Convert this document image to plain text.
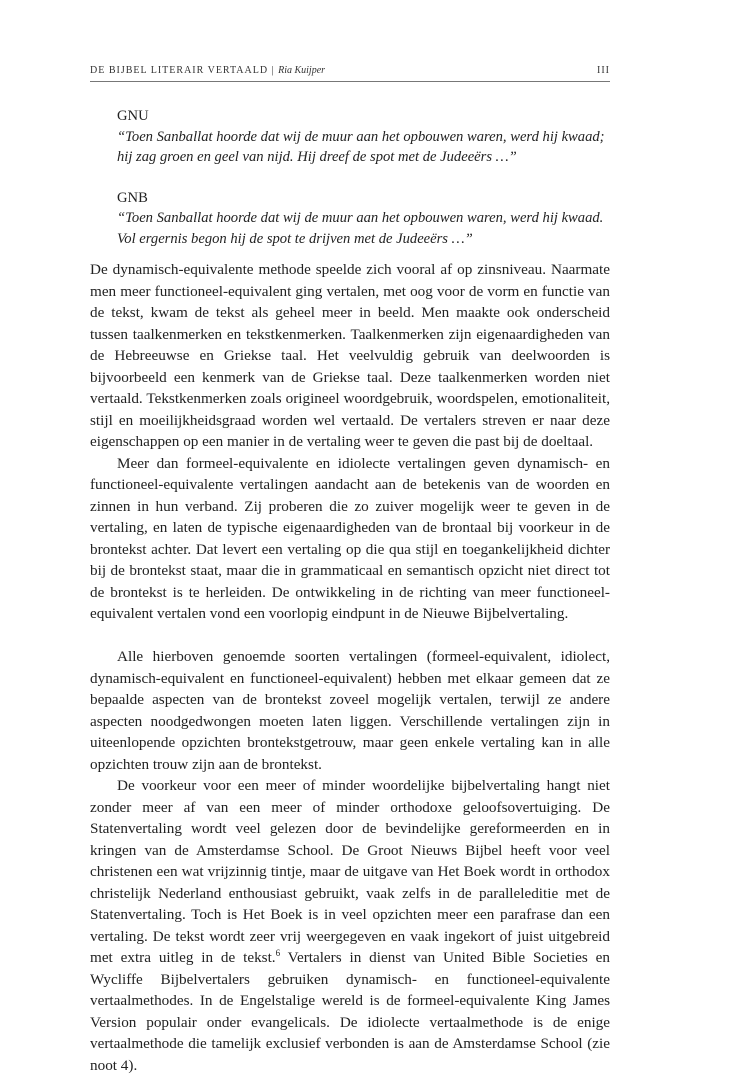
DE BIJBEL LITERAIR VERTAALD | Ria Kuijper	III
GNU
“Toen Sanballat hoorde dat wij de muur aan het opbouwen waren, werd hij kwaad;
hij zag groen en geel van nijd. Hij dreef de spot met de Judeeërs …”
GNB
“Toen Sanballat hoorde dat wij de muur aan het opbouwen waren, werd hij kwaad.
Vol ergernis begon hij de spot te drijven met de Judeeërs …”

De dynamisch-equivalente methode speelde zich vooral af op zinsniveau. Naarmate men meer functioneel-equivalent ging vertalen, met oog voor de vorm en functie van de tekst, kwam de tekst als geheel meer in beeld. Men maakte ook onderscheid tussen taalkenmerken en tekstkenmerken. Taalkenmerken zijn eigenaardigheden van de Hebreeuwse en Griekse taal. Het veelvuldig gebruik van deelwoorden is bijvoorbeeld een kenmerk van de Griekse taal. Deze taalkenmerken worden niet vertaald. Tekstkenmerken zoals origineel woordgebruik, woordspelen, emotionaliteit, stijl en moeilijkheidsgraad worden wel vertaald. De vertalers streven er naar deze eigenschappen op een manier in de vertaling weer te geven die past bij de doeltaal.

Meer dan formeel-equivalente en idiolecte vertalingen geven dynamisch- en functioneel-equivalente vertalingen aandacht aan de betekenis van de woorden en zinnen in hun verband. Zij proberen die zo zuiver mogelijk weer te geven in de vertaling, en laten de typische eigenaardigheden van de brontaal bij voorkeur in de brontekst achter. Dat levert een vertaling op die qua stijl en toegankelijkheid dichter bij de brontekst staat, maar die in grammaticaal en semantisch opzicht niet direct tot de brontekst is te herleiden. De ontwikkeling in de richting van meer functioneel-equivalent vertalen vond een voorlopig eindpunt in de Nieuwe Bijbelvertaling.

Alle hierboven genoemde soorten vertalingen (formeel-equivalent, idiolect, dynamisch-equivalent en functioneel-equivalent) hebben met elkaar gemeen dat ze bepaalde aspecten van de brontekst zoveel mogelijk vertalen, terwijl ze andere aspecten noodgedwongen moeten laten liggen. Verschillende vertalingen zijn in uiteenlopende opzichten brontekstgetrouw, maar geen enkele vertaling kan in alle opzichten trouw zijn aan de brontekst.

De voorkeur voor een meer of minder woordelijke bijbelvertaling hangt niet zonder meer af van een meer of minder orthodoxe geloofsovertuiging. De Statenvertaling wordt veel gelezen door de bevindelijke gereformeerden en in kringen van de Amsterdamse School. De Groot Nieuws Bijbel heeft voor veel christenen een wat vrijzinnig tintje, maar de uitgave van Het Boek wordt in orthodox christelijk Nederland enthousiast gebruikt, vaak zelfs in de paralleleditie met de Statenvertaling. Toch is Het Boek is in veel opzichten meer een parafrase dan een vertaling. De tekst wordt zeer vrij weergegeven en vaak ingekort of juist uitgebreid met extra uitleg in de tekst.$^6$ Vertalers in dienst van United Bible Societies en Wycliffe Bijbelvertalers gebruiken dynamisch- en functioneel-equivalente vertaalmethodes. In de Engelstalige wereld is de formeel-equivalente King James Version populair onder evangelicals. De idiolecte vertaalmethode is de enige vertaalmethode die tamelijk exclusief verbonden is aan de Amsterdamse School (zie noot 4).
